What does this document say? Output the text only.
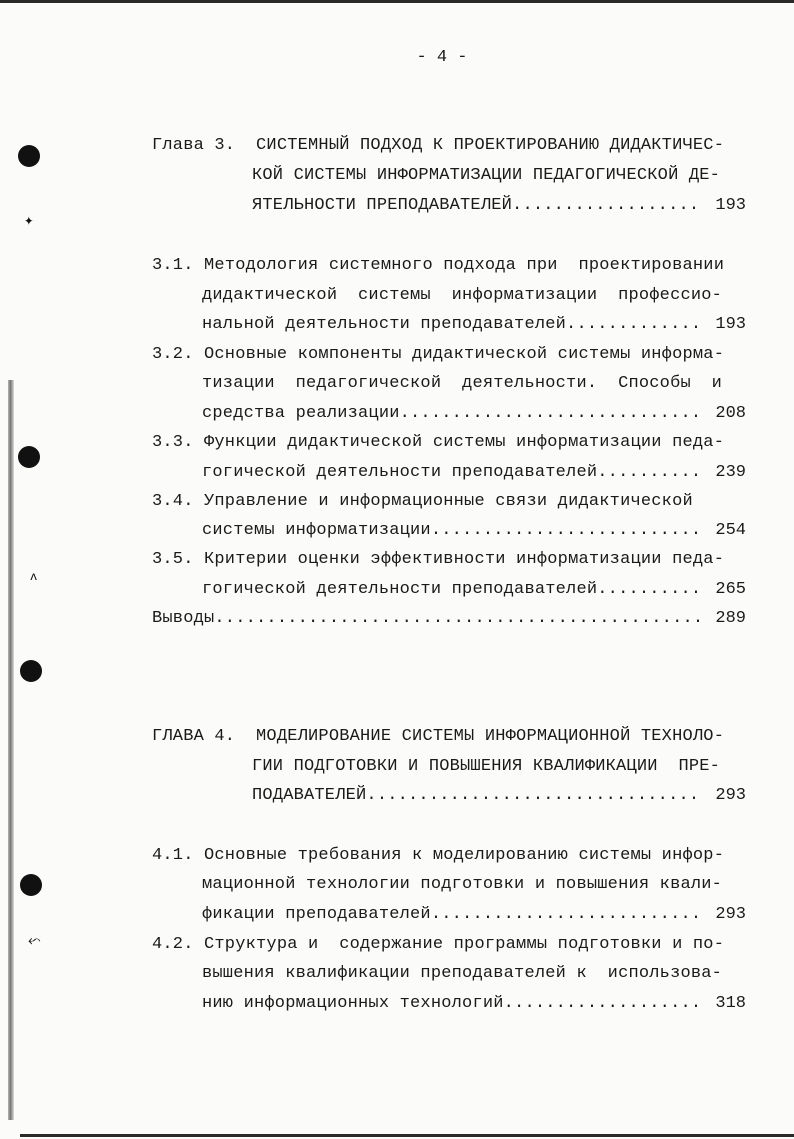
✦
ʌ
⬿
- 4 -
Глава 3.  СИСТЕМНЫЙ ПОДХОД К ПРОЕКТИРОВАНИЮ ДИДАКТИЧЕС-
КОЙ СИСТЕМЫ ИНФОРМАТИЗАЦИИ ПЕДАГОГИЧЕСКОЙ ДЕ-
ЯТЕЛЬНОСТИ ПРЕПОДАВАТЕЛЕЙ.................. 193
3.1. Методология системного подхода при  проектировании
дидактической  системы  информатизации  профессио-
нальной деятельности преподавателей............. 193
3.2. Основные компоненты дидактической системы информа-
тизации  педагогической  деятельности.  Способы  и
средства реализации............................. 208
3.3. Функции дидактической системы информатизации педа-
гогической деятельности преподавателей.......... 239
3.4. Управление и информационные связи дидактической
системы информатизации.......................... 254
3.5. Критерии оценки эффективности информатизации педа-
гогической деятельности преподавателей.......... 265
Выводы............................................... 289
ГЛАВА 4.  МОДЕЛИРОВАНИЕ СИСТЕМЫ ИНФОРМАЦИОННОЙ ТЕХНОЛО-
ГИИ ПОДГОТОВКИ И ПОВЫШЕНИЯ КВАЛИФИКАЦИИ  ПРЕ-
ПОДАВАТЕЛЕЙ................................ 293
4.1. Основные требования к моделированию системы инфор-
мационной технологии подготовки и повышения квали-
фикации преподавателей.......................... 293
4.2. Структура и  содержание программы подготовки и по-
вышения квалификации преподавателей к  использова-
нию информационных технологий................... 318
